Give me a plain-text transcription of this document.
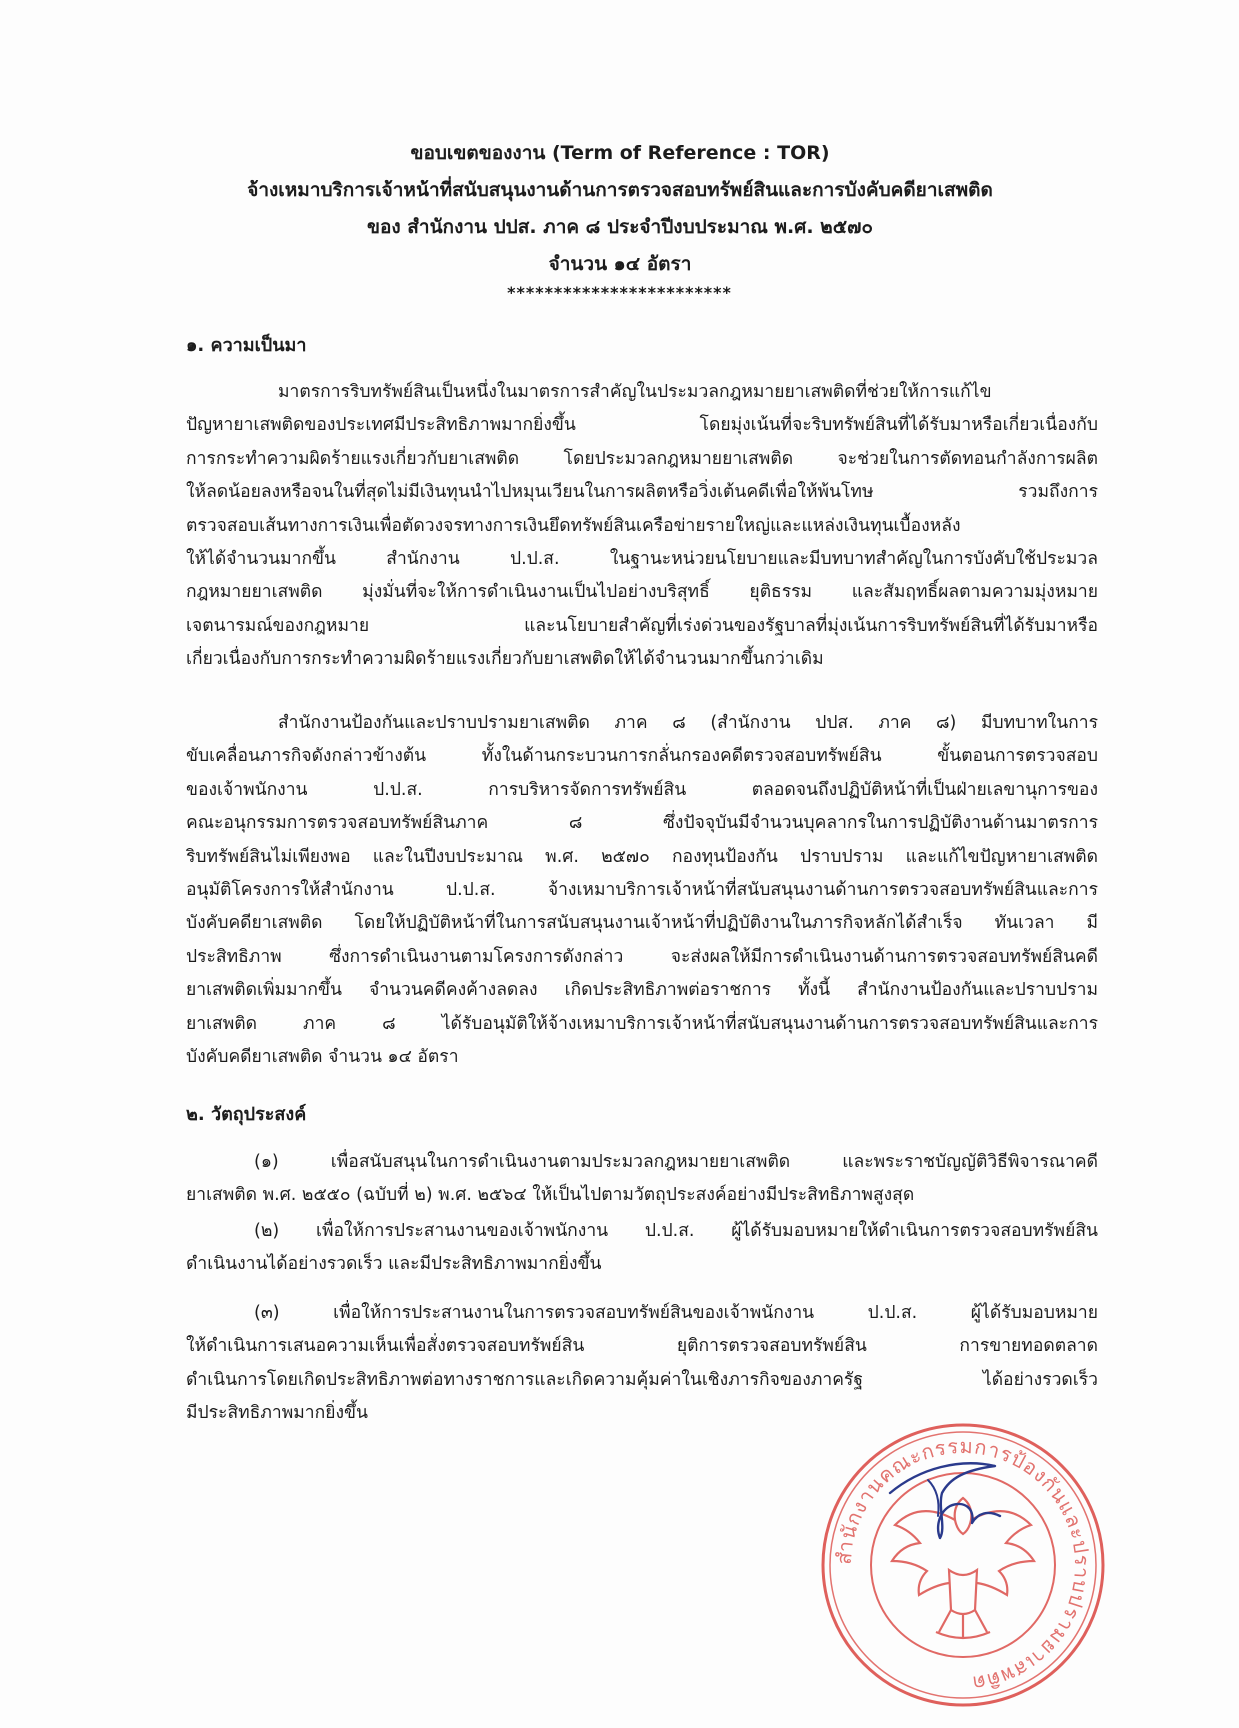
ขอบเขตของงาน (Term of Reference : TOR)
จ้างเหมาบริการเจ้าหน้าที่สนับสนุนงานด้านการตรวจสอบทรัพย์สินและการบังคับคดียาเสพติด
ของ สำนักงาน ปปส. ภาค ๘ ประจำปีงบประมาณ พ.ศ. ๒๕๗๐
จำนวน ๑๔ อัตรา
************************
๑. ความเป็นมา
มาตรการริบทรัพย์สินเป็นหนึ่งในมาตรการสำคัญในประมวลกฎหมายยาเสพติดที่ช่วยให้การแก้ไข
ปัญหายาเสพติดของประเทศมีประสิทธิภาพมากยิ่งขึ้น โดยมุ่งเน้นที่จะริบทรัพย์สินที่ได้รับมาหรือเกี่ยวเนื่องกับ
การกระทำความผิดร้ายแรงเกี่ยวกับยาเสพติด โดยประมวลกฎหมายยาเสพติด จะช่วยในการตัดทอนกำลังการผลิต
ให้ลดน้อยลงหรือจนในที่สุดไม่มีเงินทุนนำไปหมุนเวียนในการผลิตหรือวิ่งเต้นคดีเพื่อให้พ้นโทษ รวมถึงการ
ตรวจสอบเส้นทางการเงินเพื่อตัดวงจรทางการเงินยึดทรัพย์สินเครือข่ายรายใหญ่และแหล่งเงินทุนเบื้องหลัง
ให้ได้จำนวนมากขึ้น สำนักงาน ป.ป.ส. ในฐานะหน่วยนโยบายและมีบทบาทสำคัญในการบังคับใช้ประมวล
กฎหมายยาเสพติด มุ่งมั่นที่จะให้การดำเนินงานเป็นไปอย่างบริสุทธิ์ ยุติธรรม และสัมฤทธิ์ผลตามความมุ่งหมาย
เจตนารมณ์ของกฎหมาย และนโยบายสำคัญที่เร่งด่วนของรัฐบาลที่มุ่งเน้นการริบทรัพย์สินที่ได้รับมาหรือ
เกี่ยวเนื่องกับการกระทำความผิดร้ายแรงเกี่ยวกับยาเสพติดให้ได้จำนวนมากขึ้นกว่าเดิม
สำนักงานป้องกันและปราบปรามยาเสพติด ภาค ๘ (สำนักงาน ปปส. ภาค ๘) มีบทบาทในการ
ขับเคลื่อนภารกิจดังกล่าวข้างต้น ทั้งในด้านกระบวนการกลั่นกรองคดีตรวจสอบทรัพย์สิน ขั้นตอนการตรวจสอบ
ของเจ้าพนักงาน ป.ป.ส. การบริหารจัดการทรัพย์สิน ตลอดจนถึงปฏิบัติหน้าที่เป็นฝ่ายเลขานุการของ
คณะอนุกรรมการตรวจสอบทรัพย์สินภาค ๘ ซึ่งปัจจุบันมีจำนวนบุคลากรในการปฏิบัติงานด้านมาตรการ
ริบทรัพย์สินไม่เพียงพอ และในปีงบประมาณ พ.ศ. ๒๕๗๐ กองทุนป้องกัน ปราบปราม และแก้ไขปัญหายาเสพติด
อนุมัติโครงการให้สำนักงาน ป.ป.ส. จ้างเหมาบริการเจ้าหน้าที่สนับสนุนงานด้านการตรวจสอบทรัพย์สินและการ
บังคับคดียาเสพติด โดยให้ปฏิบัติหน้าที่ในการสนับสนุนงานเจ้าหน้าที่ปฏิบัติงานในภารกิจหลักได้สำเร็จ ทันเวลา มี
ประสิทธิภาพ ซึ่งการดำเนินงานตามโครงการดังกล่าว จะส่งผลให้มีการดำเนินงานด้านการตรวจสอบทรัพย์สินคดี
ยาเสพติดเพิ่มมากขึ้น จำนวนคดีคงค้างลดลง เกิดประสิทธิภาพต่อราชการ ทั้งนี้ สำนักงานป้องกันและปราบปราม
ยาเสพติด ภาค ๘ ได้รับอนุมัติให้จ้างเหมาบริการเจ้าหน้าที่สนับสนุนงานด้านการตรวจสอบทรัพย์สินและการ
บังคับคดียาเสพติด จำนวน ๑๔ อัตรา
๒. วัตถุประสงค์
(๑) เพื่อสนับสนุนในการดำเนินงานตามประมวลกฎหมายยาเสพติด และพระราชบัญญัติวิธีพิจารณาคดี
ยาเสพติด พ.ศ. ๒๕๕๐ (ฉบับที่ ๒) พ.ศ. ๒๕๖๔ ให้เป็นไปตามวัตถุประสงค์อย่างมีประสิทธิภาพสูงสุด
(๒) เพื่อให้การประสานงานของเจ้าพนักงาน ป.ป.ส. ผู้ได้รับมอบหมายให้ดำเนินการตรวจสอบทรัพย์สิน
ดำเนินงานได้อย่างรวดเร็ว และมีประสิทธิภาพมากยิ่งขึ้น
(๓) เพื่อให้การประสานงานในการตรวจสอบทรัพย์สินของเจ้าพนักงาน ป.ป.ส. ผู้ได้รับมอบหมาย
ให้ดำเนินการเสนอความเห็นเพื่อสั่งตรวจสอบทรัพย์สิน ยุติการตรวจสอบทรัพย์สิน การขายทอดตลาด
ดำเนินการโดยเกิดประสิทธิภาพต่อทางราชการและเกิดความคุ้มค่าในเชิงภารกิจของภาครัฐ ได้อย่างรวดเร็ว
มีประสิทธิภาพมากยิ่งขึ้น
สำนักงานคณะกรรมการป้องกันและปราบปรามยาเสพติด
